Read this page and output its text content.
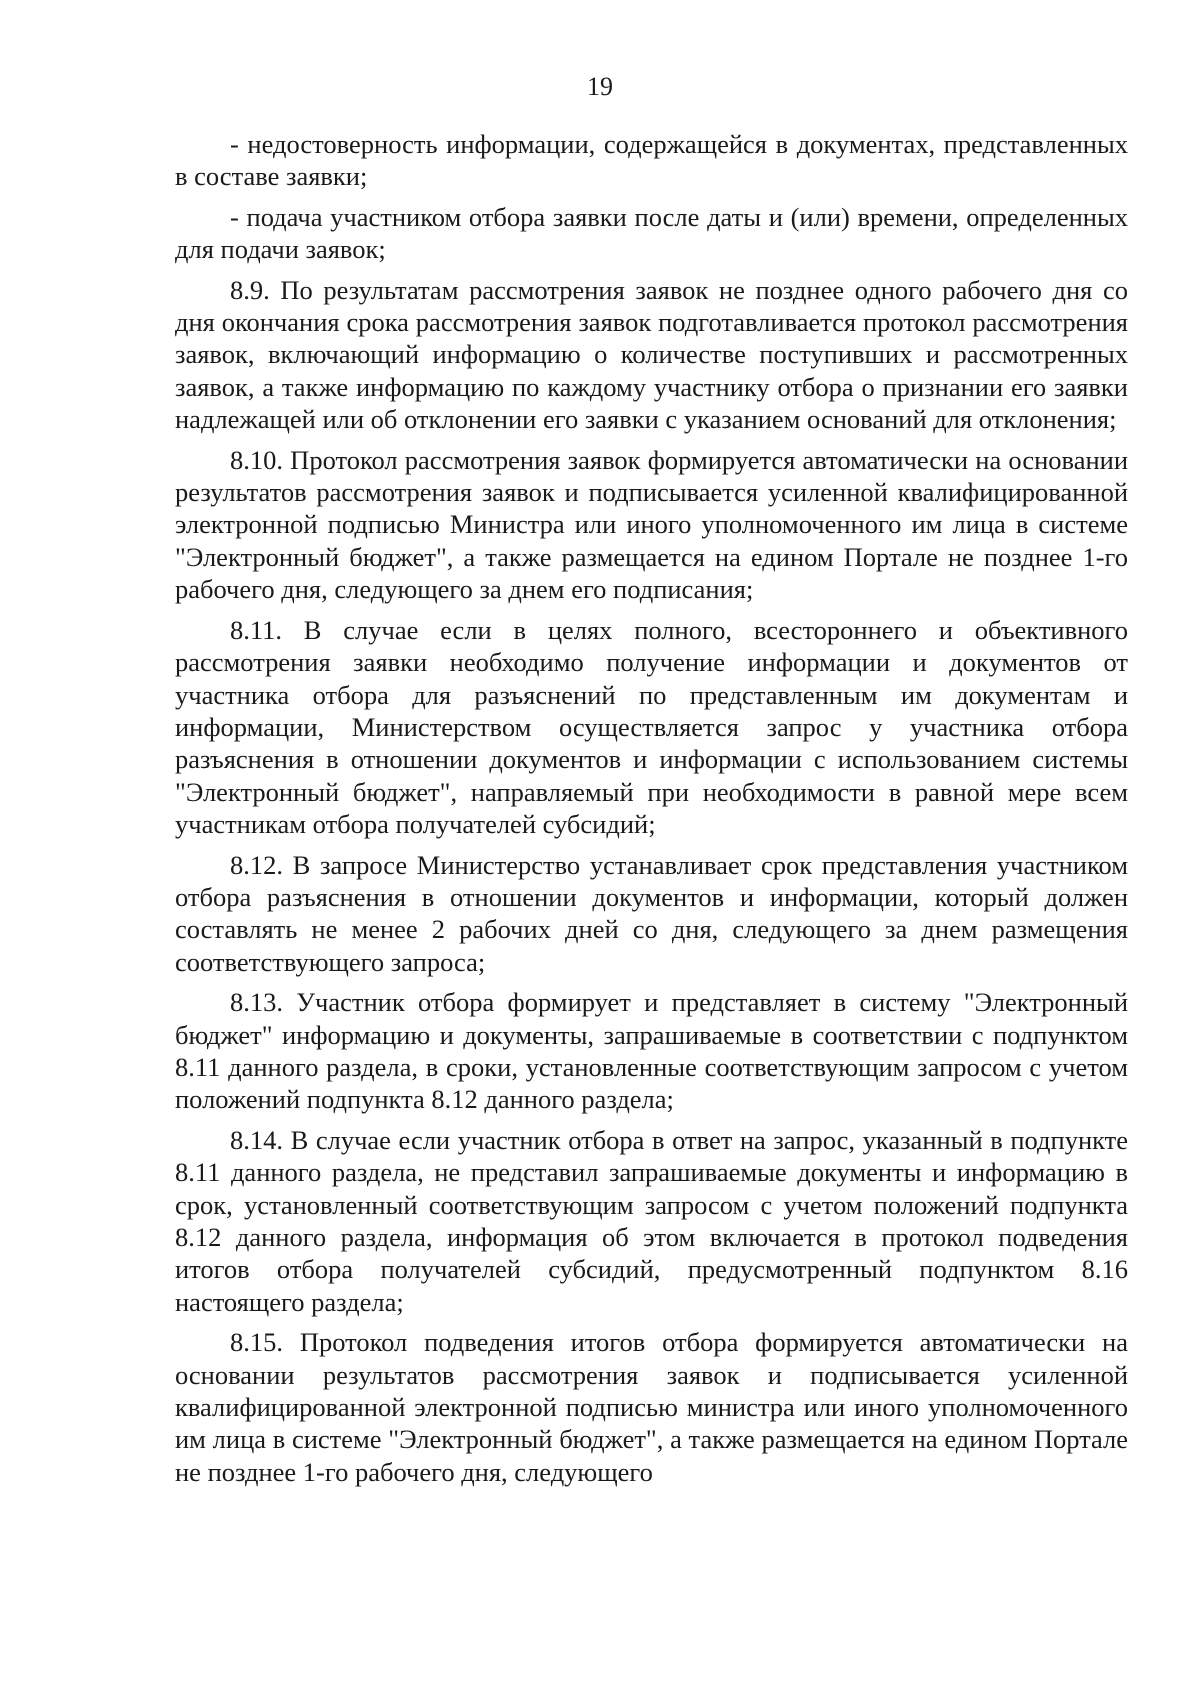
19

- недостоверность информации, содержащейся в документах, представленных в составе заявки;

- подача участником отбора заявки после даты и (или) времени, определенных для подачи заявок;

8.9. По результатам рассмотрения заявок не позднее одного рабочего дня со дня окончания срока рассмотрения заявок подготавливается протокол рассмотрения заявок, включающий информацию о количестве поступивших и рассмотренных заявок, а также информацию по каждому участнику отбора о признании его заявки надлежащей или об отклонении его заявки с указанием оснований для отклонения;

8.10. Протокол рассмотрения заявок формируется автоматически на основании результатов рассмотрения заявок и подписывается усиленной квалифицированной электронной подписью Министра или иного уполномоченного им лица в системе "Электронный бюджет", а также размещается на едином Портале не позднее 1-го рабочего дня, следующего за днем его подписания;

8.11. В случае если в целях полного, всестороннего и объективного рассмотрения заявки необходимо получение информации и документов от участника отбора для разъяснений по представленным им документам и информации, Министерством осуществляется запрос у участника отбора разъяснения в отношении документов и информации с использованием системы "Электронный бюджет", направляемый при необходимости в равной мере всем участникам отбора получателей субсидий;

8.12. В запросе Министерство устанавливает срок представления участником отбора разъяснения в отношении документов и информации, который должен составлять не менее 2 рабочих дней со дня, следующего за днем размещения соответствующего запроса;

8.13. Участник отбора формирует и представляет в систему "Электронный бюджет" информацию и документы, запрашиваемые в соответствии с подпунктом 8.11 данного раздела, в сроки, установленные соответствующим запросом с учетом положений подпункта 8.12 данного раздела;

8.14. В случае если участник отбора в ответ на запрос, указанный в подпункте 8.11 данного раздела, не представил запрашиваемые документы и информацию в срок, установленный соответствующим запросом с учетом положений подпункта 8.12 данного раздела, информация об этом включается в протокол подведения итогов отбора получателей субсидий, предусмотренный подпунктом 8.16 настоящего раздела;

8.15. Протокол подведения итогов отбора формируется автоматически на основании результатов рассмотрения заявок и подписывается усиленной квалифицированной электронной подписью министра или иного уполномоченного им лица в системе "Электронный бюджет", а также размещается на едином Портале не позднее 1-го рабочего дня, следующего
